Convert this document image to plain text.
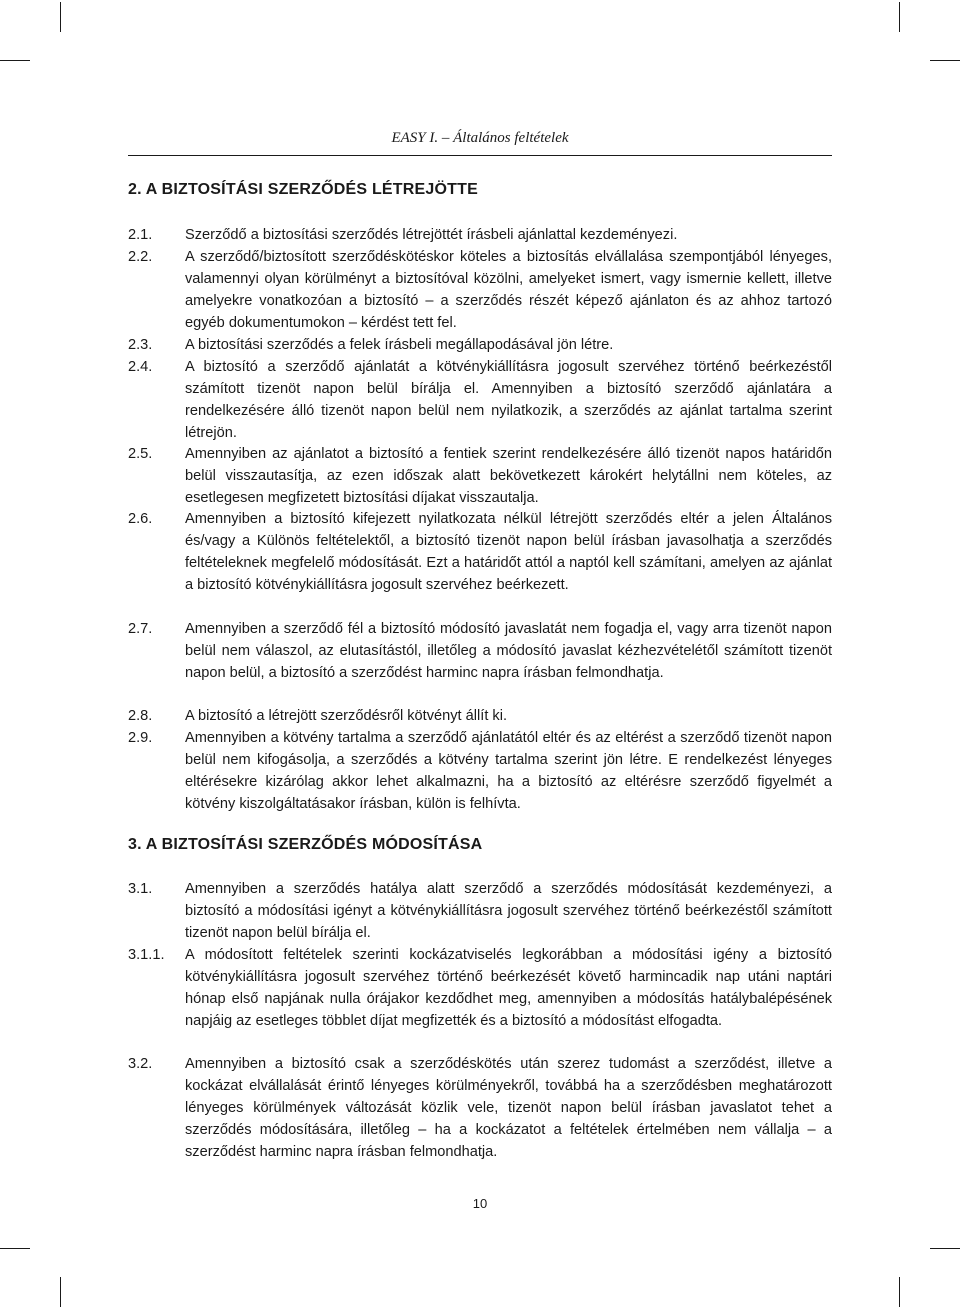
EASY I. – Általános feltételek
2. A BIZTOSÍTÁSI SZERZŐDÉS LÉTREJÖTTE
2.1. Szerződő a biztosítási szerződés létrejöttét írásbeli ajánlattal kezdeményezi.
2.2. A szerződő/biztosított szerződéskötéskor köteles a biztosítás elvállalása szempontjából lényeges, valamennyi olyan körülményt a biztosítóval közölni, amelyeket ismert, vagy ismernie kellett, illetve amelyekre vonatkozóan a biztosító – a szerződés részét képező ajánlaton és az ahhoz tartozó egyéb dokumentumokon – kérdést tett fel.
2.3. A biztosítási szerződés a felek írásbeli megállapodásával jön létre.
2.4. A biztosító a szerződő ajánlatát a kötvénykiállításra jogosult szervéhez történő beérkezéstől számított tizenöt napon belül bírálja el. Amennyiben a biztosító szerződő ajánlatára a rendelkezésére álló tizenöt napon belül nem nyilatkozik, a szerződés az ajánlat tartalma szerint létrejön.
2.5. Amennyiben az ajánlatot a biztosító a fentiek szerint rendelkezésére álló tizenöt napos határidőn belül visszautasítja, az ezen időszak alatt bekövetkezett károkért helytállni nem köteles, az esetlegesen megfizetett biztosítási díjakat visszautalja.
2.6. Amennyiben a biztosító kifejezett nyilatkozata nélkül létrejött szerződés eltér a jelen Általános és/vagy a Különös feltételektől, a biztosító tizenöt napon belül írásban javasolhatja a szerződés feltételeknek megfelelő módosítását. Ezt a határidőt attól a naptól kell számítani, amelyen az ajánlat a biztosító kötvénykiállításra jogosult szervéhez beérkezett.
2.7. Amennyiben a szerződő fél a biztosító módosító javaslatát nem fogadja el, vagy arra tizenöt napon belül nem válaszol, az elutasítástól, illetőleg a módosító javaslat kézhezvételétől számított tizenöt napon belül, a biztosító a szerződést harminc napra írásban felmondhatja.
2.8. A biztosító a létrejött szerződésről kötvényt állít ki.
2.9. Amennyiben a kötvény tartalma a szerződő ajánlatától eltér és az eltérést a szerződő tizenöt napon belül nem kifogásolja, a szerződés a kötvény tartalma szerint jön létre. E rendelkezést lényeges eltérésekre kizárólag akkor lehet alkalmazni, ha a biztosító az eltérésre szerződő figyelmét a kötvény kiszolgáltatásakor írásban, külön is felhívta.
3. A BIZTOSÍTÁSI SZERZŐDÉS MÓDOSÍTÁSA
3.1. Amennyiben a szerződés hatálya alatt szerződő a szerződés módosítását kezdeményezi, a biztosító a módosítási igényt a kötvénykiállításra jogosult szervéhez történő beérkezéstől számított tizenöt napon belül bírálja el.
3.1.1. A módosított feltételek szerinti kockázatviselés legkorábban a módosítási igény a biztosító kötvénykiállításra jogosult szervéhez történő beérkezését követő harmincadik nap utáni naptári hónap első napjának nulla órájakor kezdődhet meg, amennyiben a módosítás hatálybalépésének napjáig az esetleges többlet díjat megfizették és a biztosító a módosítást elfogadta.
3.2. Amennyiben a biztosító csak a szerződéskötés után szerez tudomást a szerződést, illetve a kockázat elvállalását érintő lényeges körülményekről, továbbá ha a szerződésben meghatározott lényeges körülmények változását közlik vele, tizenöt napon belül írásban javaslatot tehet a szerződés módosítására, illetőleg – ha a kockázatot a feltételek értelmében nem vállalja – a szerződést harminc napra írásban felmondhatja.
10
